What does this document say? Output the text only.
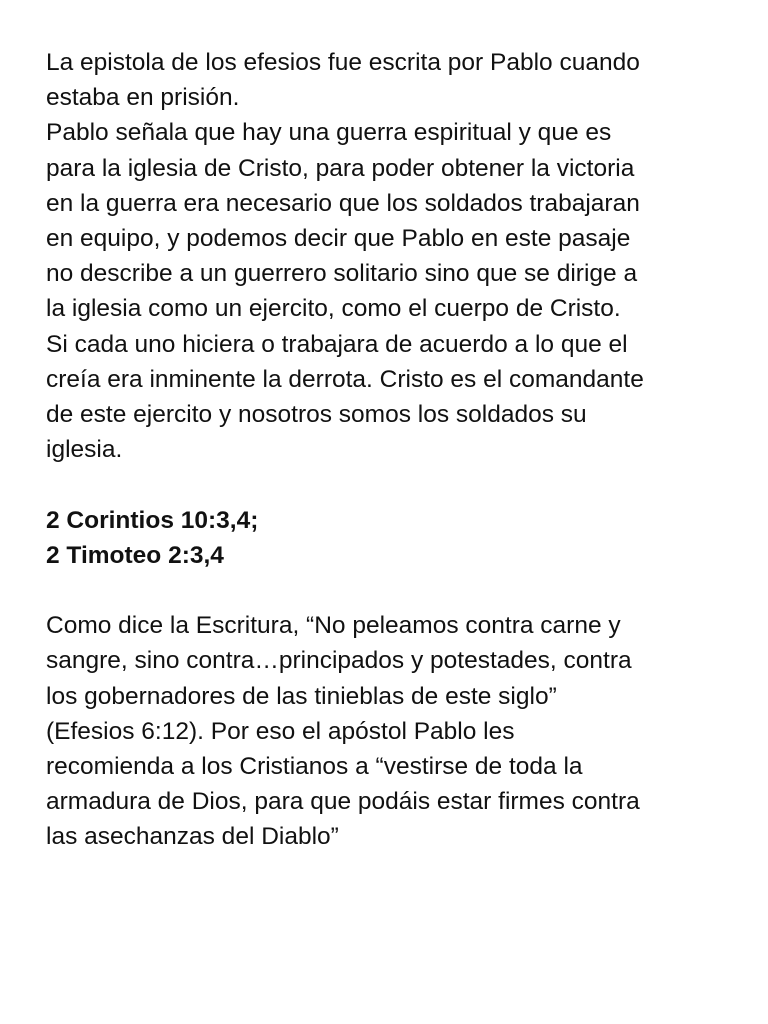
La epistola de los efesios fue escrita por Pablo cuando
estaba en prisión.
Pablo señala que hay una guerra espiritual y que es
para la iglesia de Cristo, para poder obtener la victoria
en la guerra era necesario que los soldados trabajaran
en equipo, y podemos decir que Pablo en este pasaje
no describe a un guerrero solitario sino que se dirige a
la iglesia como un ejercito, como el cuerpo de Cristo.
Si cada uno hiciera o trabajara de acuerdo a lo que el
creía era inminente la derrota. Cristo es el comandante
de este ejercito y nosotros somos los soldados su
iglesia.
2 Corintios 10:3,4;
2 Timoteo 2:3,4
Como dice la Escritura, “No peleamos contra carne y
sangre, sino contra…principados y potestades, contra
los gobernadores de las tinieblas de este siglo”
(Efesios 6:12). Por eso el apóstol Pablo les
recomienda a los Cristianos a “vestirse de toda la
armadura de Dios, para que podáis estar firmes contra
las asechanzas del Diablo”
